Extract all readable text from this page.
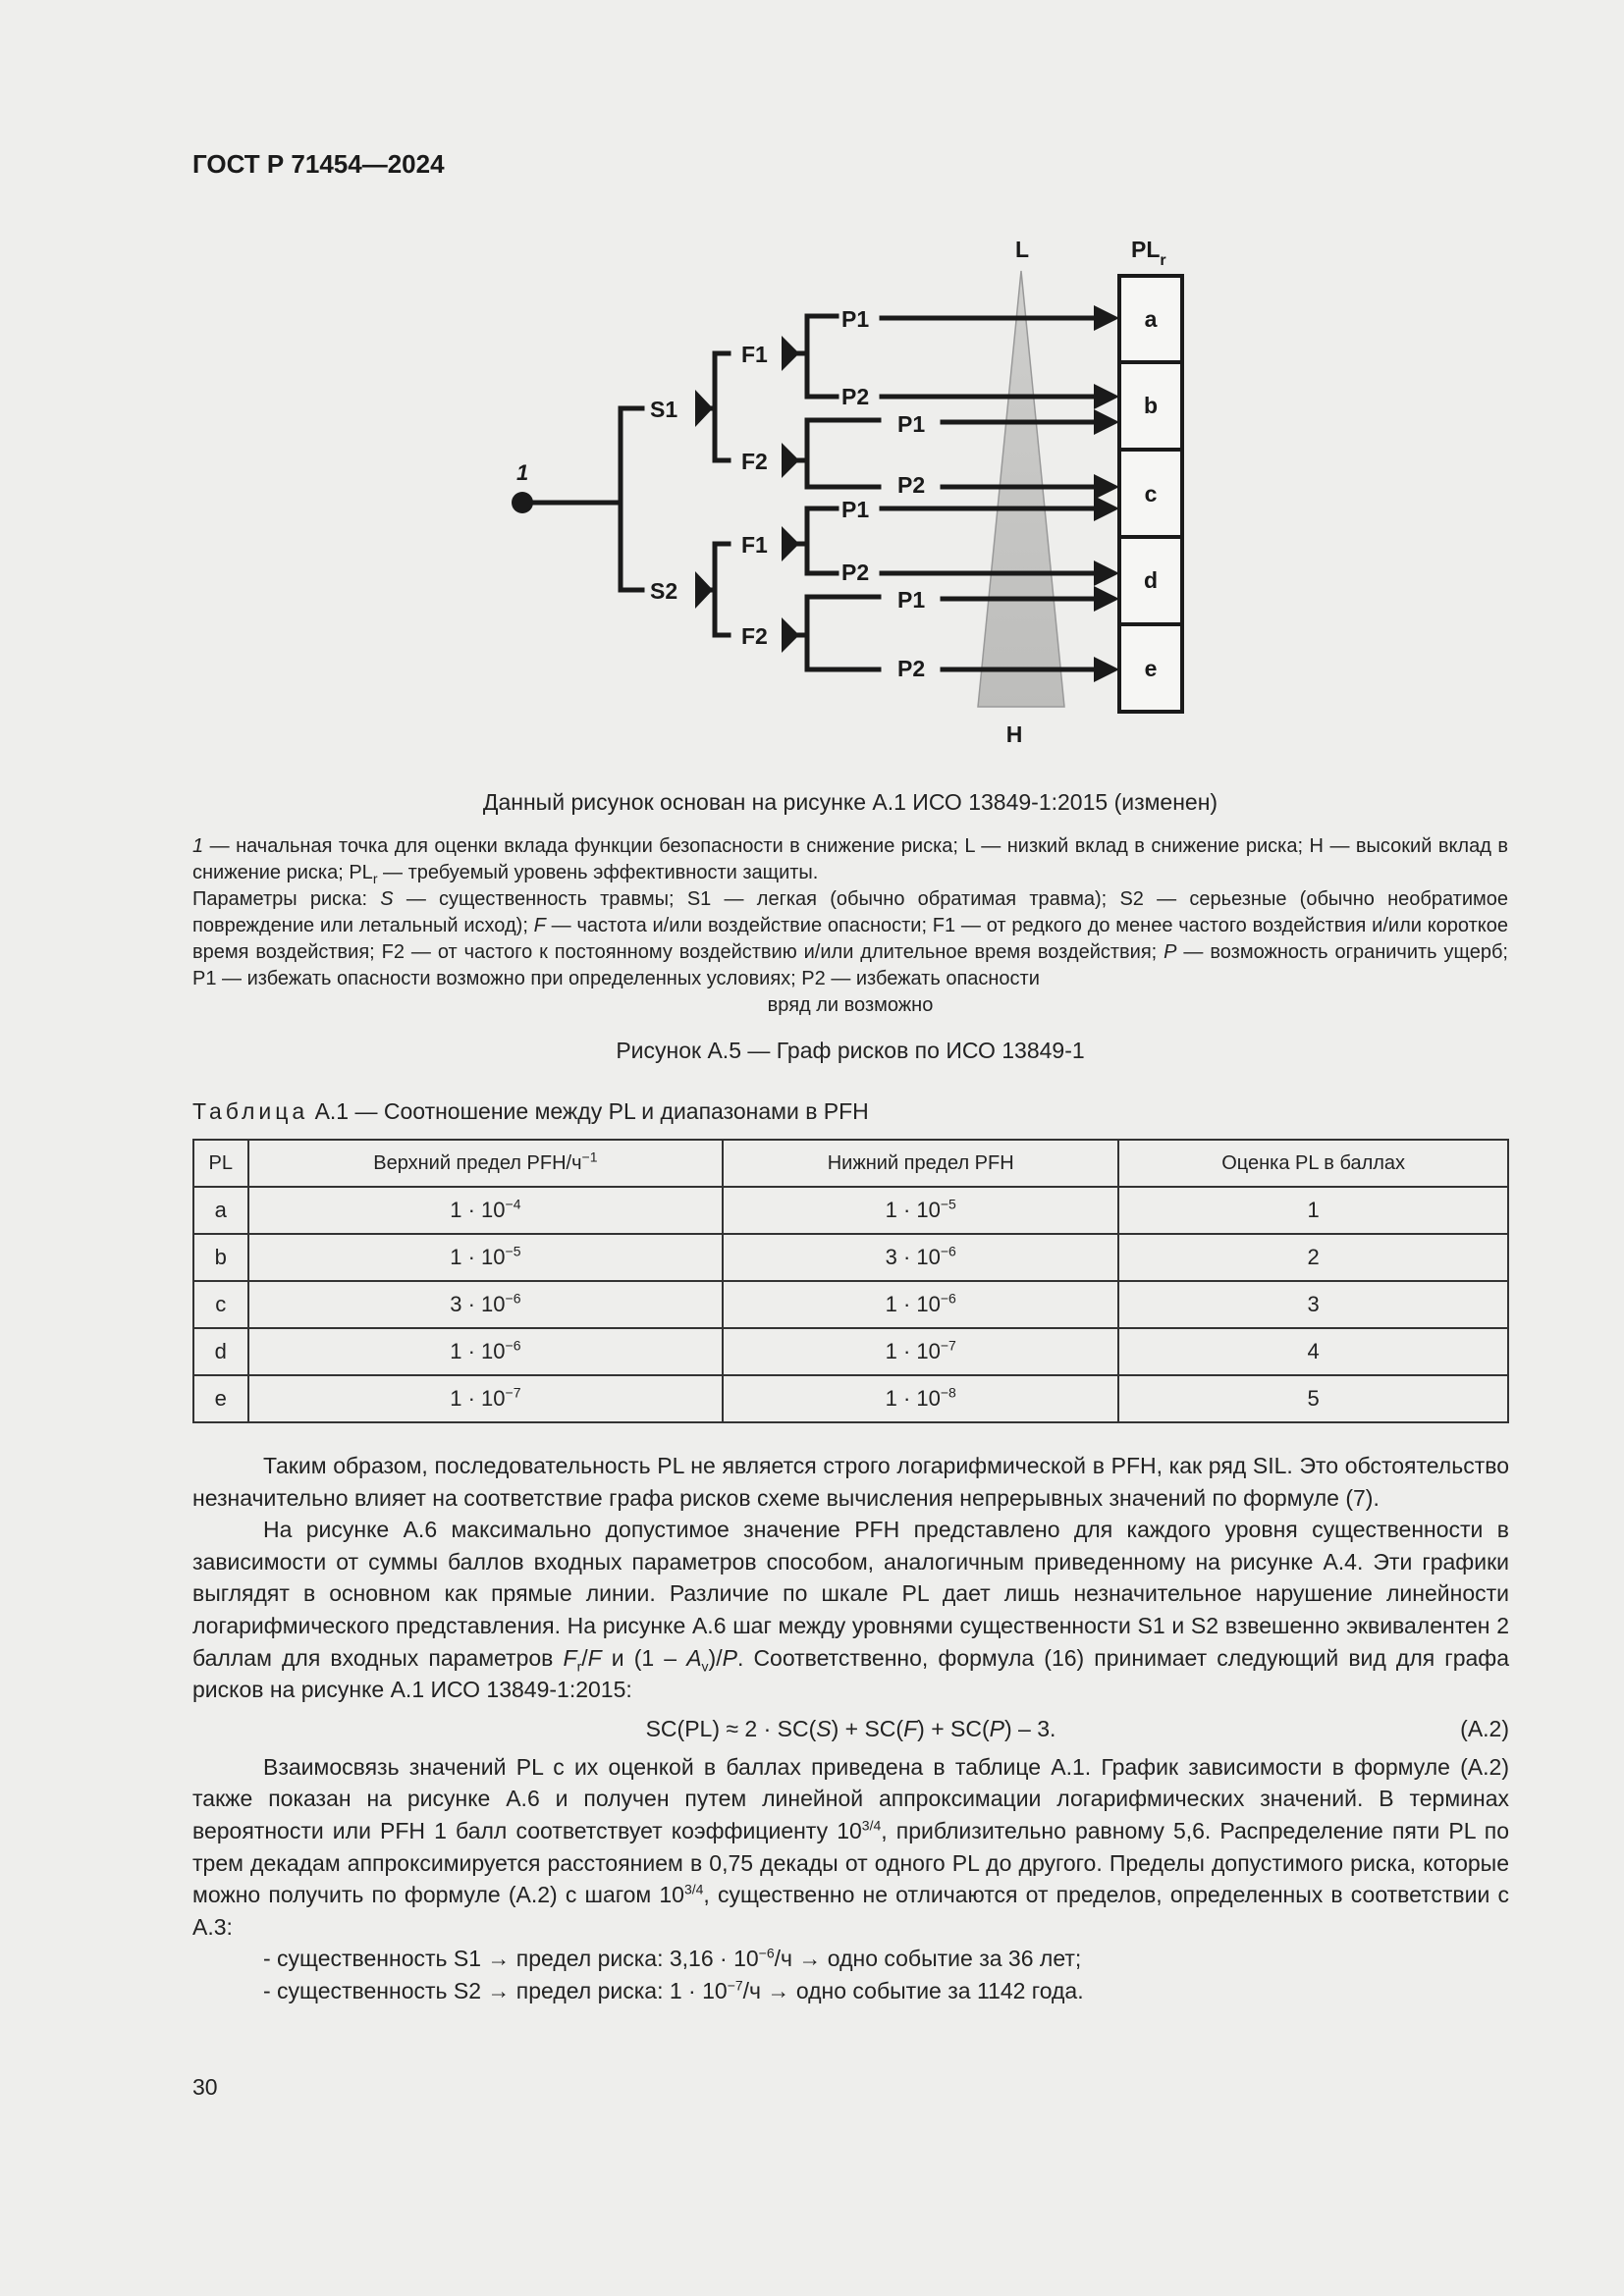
ГОСТ Р 71454—2024
L
H
$PL_r$
1
S1
S2
F1
F2
F1
F2
P1
P2
P1
P2
P1
P2
P1
P2
a
b
c
d
e
Данный рисунок основан на рисунке А.1 ИСО 13849-1:2015 (изменен)

1 — начальная точка для оценки вклада функции безопасности в снижение риска; L — низкий вклад в снижение риска; H — высокий вклад в снижение риска; $PL_r$ — требуемый уровень эффективности защиты.

Параметры риска: S — существенность травмы; S1 — легкая (обычно обратимая травма); S2 — серьезные (обычно необратимое повреждение или летальный исход); F — частота и/или воздействие опасности; F1 — от редкого до менее частого воздействия и/или короткое время воздействия; F2 — от частого к постоянному воздействию и/или длительное время воздействия; P — возможность ограничить ущерб; P1 — избежать опасности возможно при определенных условиях; P2 — избежать опасности

вряд ли возможно

Рисунок А.5 — Граф рисков по ИСО 13849-1
Таблица А.1 — Соотношение между PL и диапазонами в PFH
PL	Верхний предел PFH/$ч^{-1}$	Нижний предел PFH	Оценка PL в баллах
a	$1 \cdot 10^{-4}$	$1 \cdot 10^{-5}$	1
b	$1 \cdot 10^{-5}$	$3 \cdot 10^{-6}$	2
c	$3 \cdot 10^{-6}$	$1 \cdot 10^{-6}$	3
d	$1 \cdot 10^{-6}$	$1 \cdot 10^{-7}$	4
e	$1 \cdot 10^{-7}$	$1 \cdot 10^{-8}$	5

Таким образом, последовательность PL не является строго логарифмической в PFH, как ряд SIL. Это обстоятельство незначительно влияет на соответствие графа рисков схеме вычисления непрерывных значений по формуле (7).

На рисунке А.6 максимально допустимое значение PFH представлено для каждого уровня существенности в зависимости от суммы баллов входных параметров способом, аналогичным приведенному на рисунке А.4. Эти графики выглядят в основном как прямые линии. Различие по шкале PL дает лишь незначительное нарушение линейности логарифмического представления. На рисунке А.6 шаг между уровнями существенности S1 и S2 взвешенно эквивалентен 2 баллам для входных параметров $F_r/F$ и $(1 - A_v)/P$. Соответственно, формула (16) принимает следующий вид для графа рисков на рисунке А.1 ИСО 13849-1:2015:

SC(PL) ≈ 2 · SC(S) + SC(F) + SC(P) – 3.	(А.2)

Взаимосвязь значений PL с их оценкой в баллах приведена в таблице А.1. График зависимости в формуле (А.2) также показан на рисунке А.6 и получен путем линейной аппроксимации логарифмических значений. В терминах вероятности или PFH 1 балл соответствует коэффициенту $10^{3/4}$, приблизительно равному 5,6. Распределение пяти PL по трем декадам аппроксимируется расстоянием в 0,75 декады от одного PL до другого. Пределы допустимого риска, которые можно получить по формуле (А.2) с шагом $10^{3/4}$, существенно не отличаются от пределов, определенных в соответствии с А.3:

- существенность S1 → предел риска: $3,16 \cdot 10^{-6}/ч$ → одно событие за 36 лет;
- существенность S2 → предел риска: $1 \cdot 10^{-7}/ч$ → одно событие за 1142 года.
30
